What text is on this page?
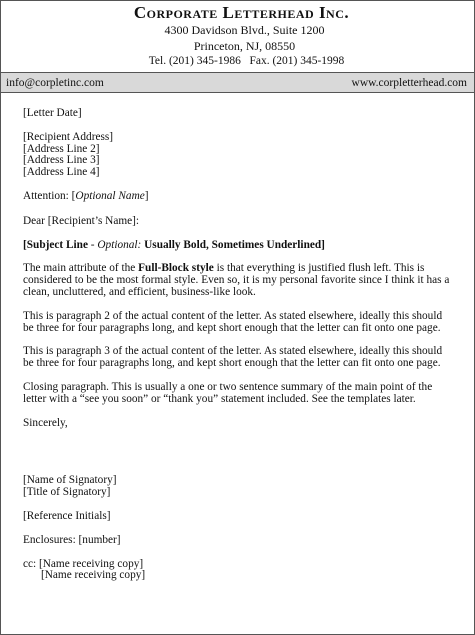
Corporate Letterhead Inc.
4300 Davidson Blvd., Suite 1200
Princeton, NJ, 08550
Tel. (201) 345-1986   Fax. (201) 345-1998
info@corpletinc.com	www.corpletterhead.com
[Letter Date]
[Recipient Address]
[Address Line 2]
[Address Line 3]
[Address Line 4]
Attention: [Optional Name]
Dear [Recipient’s Name]:
[Subject Line - Optional: Usually Bold, Sometimes Underlined]
The main attribute of the Full-Block style is that everything is justified flush left. This is considered to be the most formal style. Even so, it is my personal favorite since I think it has a clean, uncluttered, and efficient, business-like look.
This is paragraph 2 of the actual content of the letter. As stated elsewhere, ideally this should be three for four paragraphs long, and kept short enough that the letter can fit onto one page.
This is paragraph 3 of the actual content of the letter. As stated elsewhere, ideally this should be three for four paragraphs long, and kept short enough that the letter can fit onto one page.
Closing paragraph. This is usually a one or two sentence summary of the main point of the letter with a “see you soon” or “thank you” statement included. See the templates later.
Sincerely,
[Name of Signatory]
[Title of Signatory]
[Reference Initials]
Enclosures: [number]
cc: [Name receiving copy]
[Name receiving copy]
